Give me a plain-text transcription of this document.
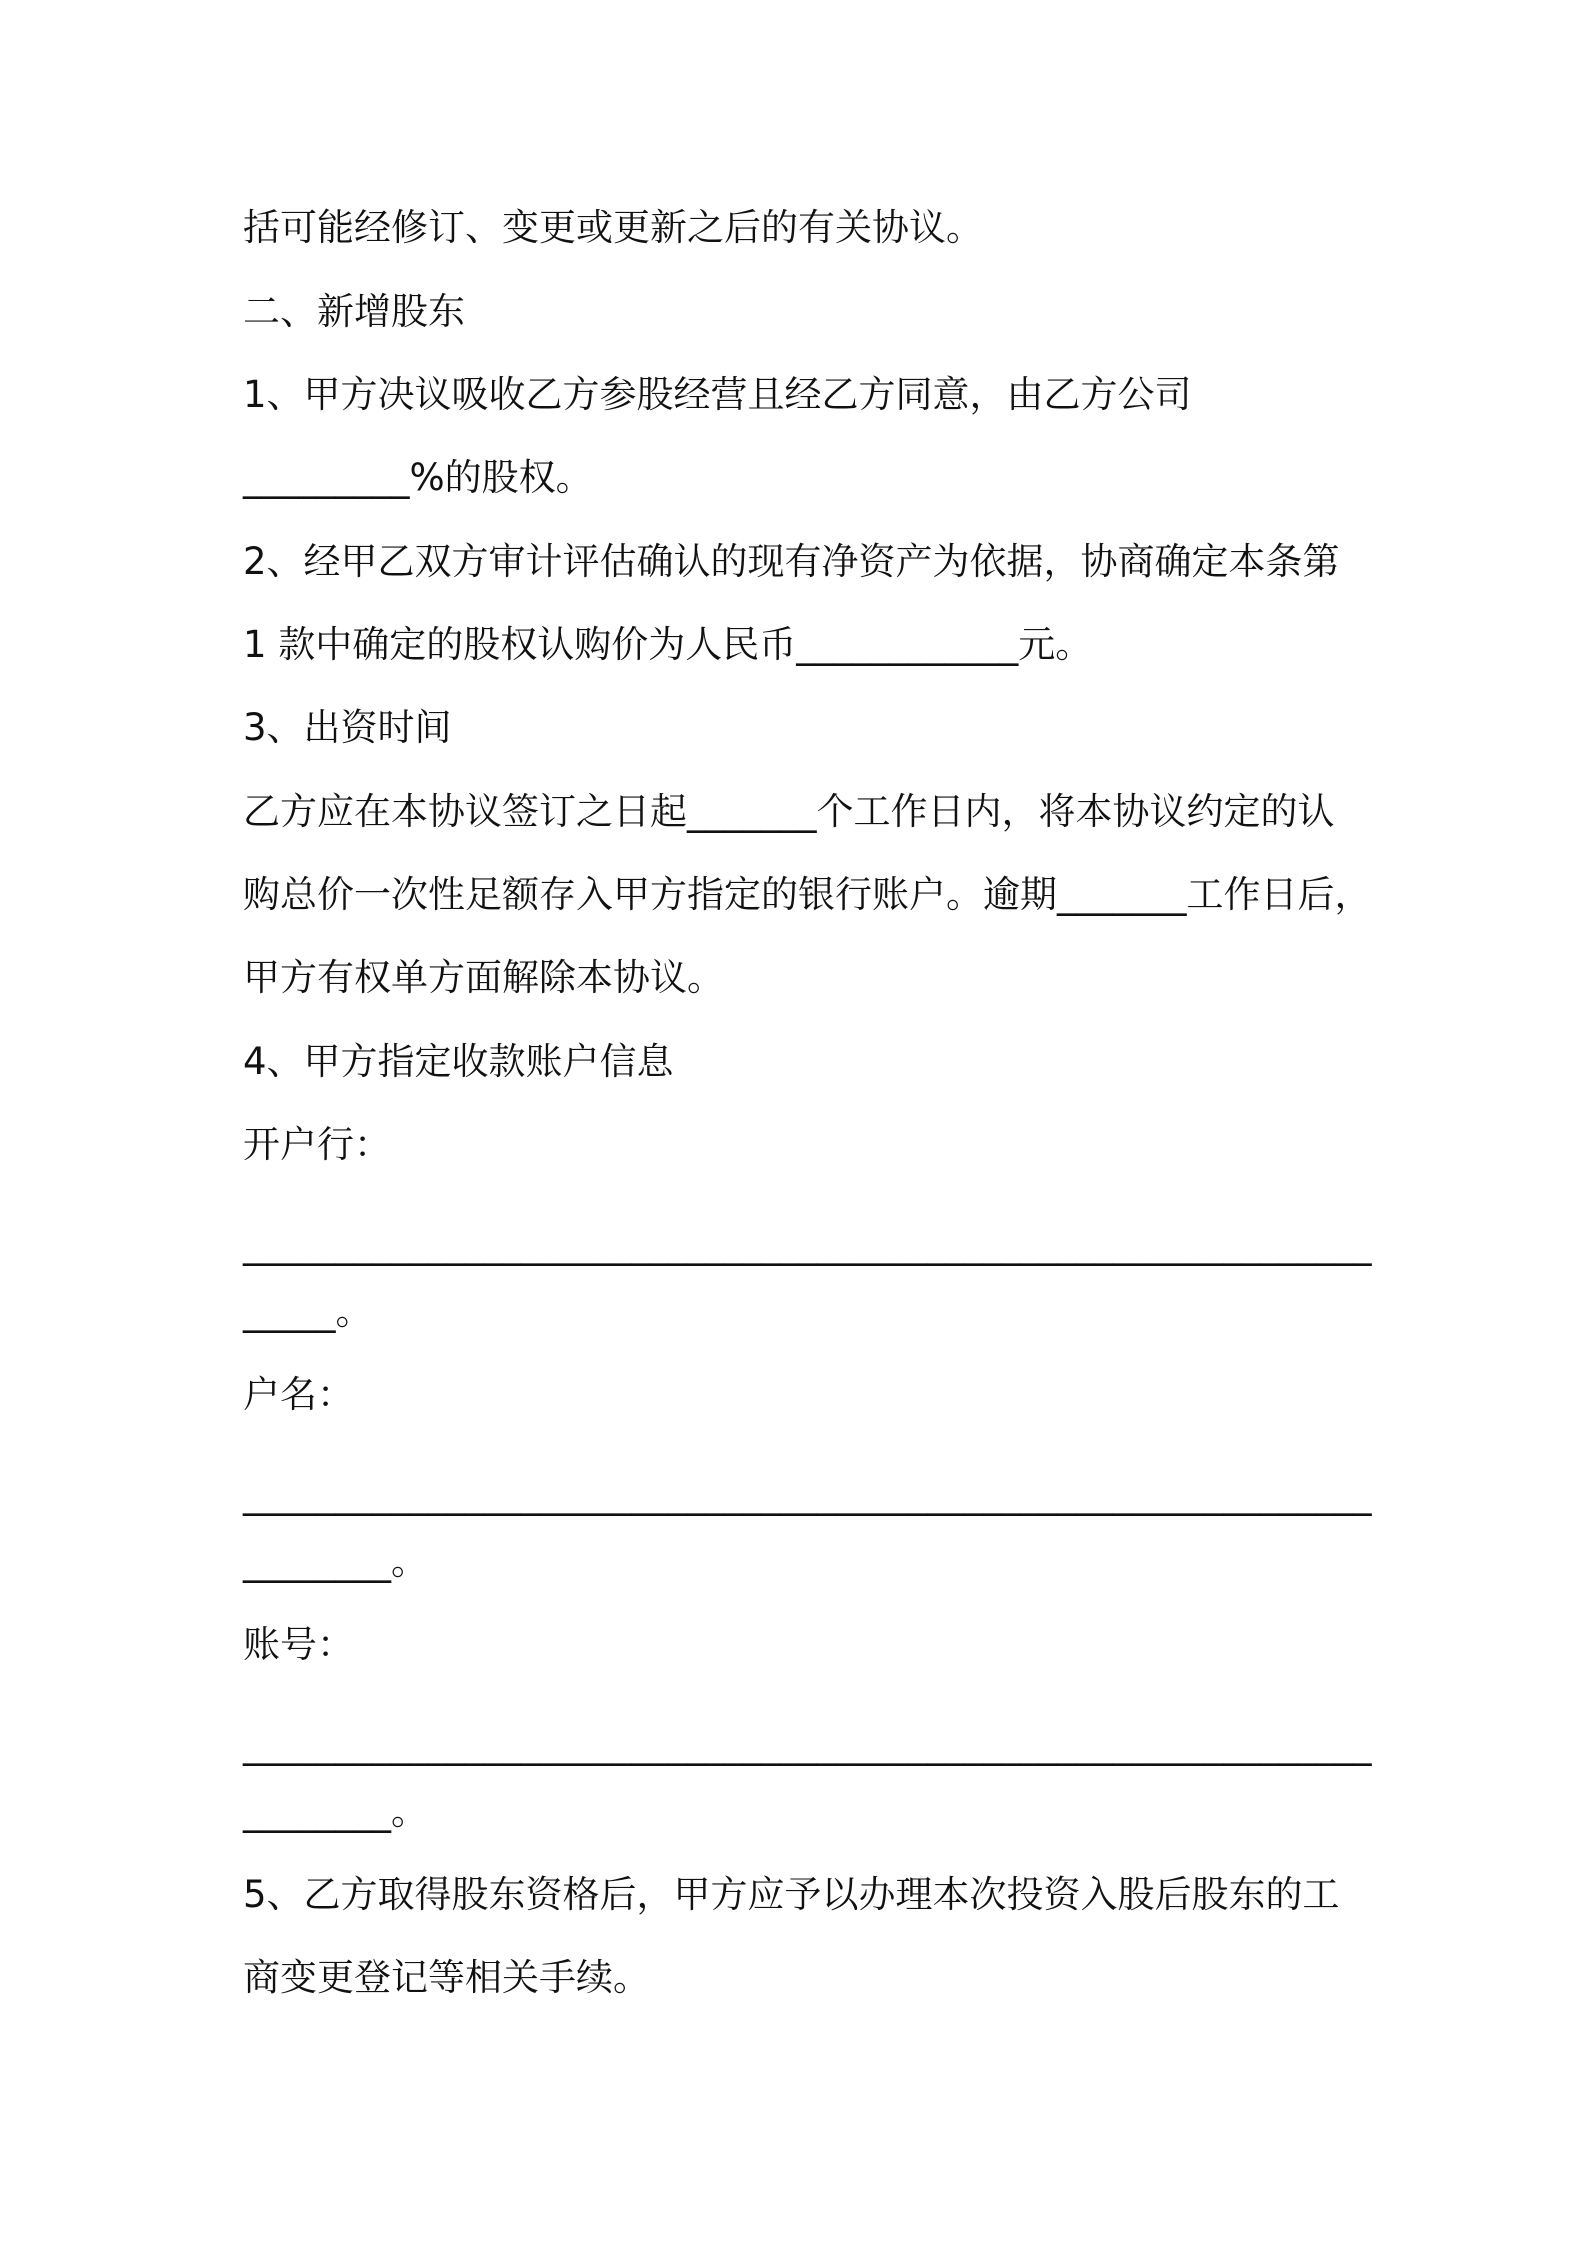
括可能经修订、变更或更新之后的有关协议。
二、新增股东
1、甲方决议吸收乙方参股经营且经乙方同意，由乙方公司
_________%的股权。
2、经甲乙双方审计评估确认的现有净资产为依据，协商确定本条第
1 款中确定的股权认购价为人民币____________元。
3、出资时间
乙方应在本协议签订之日起_______个工作日内，将本协议约定的认
购总价一次性足额存入甲方指定的银行账户。逾期_______工作日后，
甲方有权单方面解除本协议。
4、甲方指定收款账户信息
开户行：
_____________________________________________________________
_____。
户名：
_____________________________________________________________
________。
账号：
_____________________________________________________________
________。
5、乙方取得股东资格后，甲方应予以办理本次投资入股后股东的工
商变更登记等相关手续。
